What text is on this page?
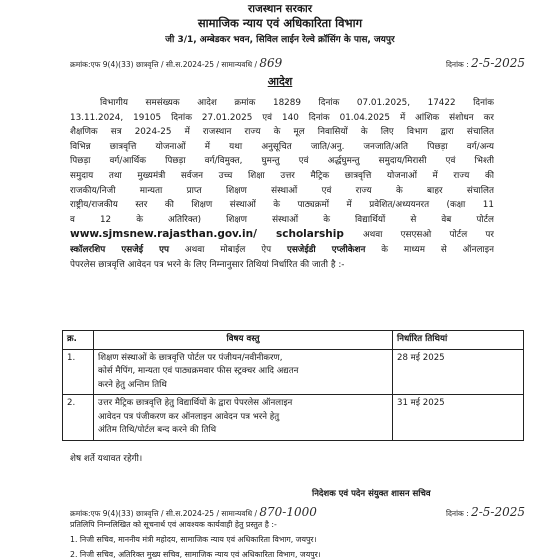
राजस्थान सरकार
सामाजिक न्याय एवं अधिकारिता विभाग
जी 3/1, अम्बेडकर भवन, सिविल लाईन रेल्वे क्रॉसिंग के पास, जयपुर
क्रमांक:एफ 9(4)(33) छात्रवृत्ति / सी.स.2024-25 / सामान्यवधि / 869	दिनांक : 2-5-2025
आदेश
विभागीय समसंख्यक आदेश क्रमांक 18289 दिनांक 07.01.2025, 17422 दिनांक
13.11.2024, 19105 दिनांक 27.01.2025 एवं 140 दिनांक 01.04.2025 में आंशिक संशोधन कर
शैक्षणिक सत्र 2024-25 में राजस्थान राज्य के मूल निवासियों के लिए विभाग द्वारा संचालित
विभिन्न छात्रवृत्ति योजनाओं में यथा अनुसूचित जाति/अनु. जनजाति/अति पिछड़ा वर्ग/अन्य
पिछड़ा वर्ग/आर्थिक पिछड़ा वर्ग/विमुक्त, घुमन्तु एवं अर्द्धघुमन्तु समुदाय/मिरासी एवं भिश्ती
समुदाय तथा मुख्यमंत्री सर्वजन उच्च शिक्षा उत्तर मैट्रिक छात्रवृत्ति योजनाओं में राज्य की
राजकीय/निजी मान्यता प्राप्त शिक्षण संस्थाओं एवं राज्य के बाहर संचालित
राष्ट्रीय/राजकीय स्तर की शिक्षण संस्थाओं के पाठ्यक्रमों में प्रवेशित/अध्ययनरत (कक्षा 11
व 12 के अतिरिक्त) शिक्षण संस्थाओं के विद्यार्थियों से वेब पोर्टल
www.sjmsnew.rajasthan.gov.in/ scholarship अथवा एसएसओ पोर्टल पर
स्कॉलरशिप एसजेई एप अथवा मोबाईल ऐप एसजेईडी एप्लीकेशन के माध्यम से ऑनलाइन
पेपरलेस छात्रवृत्ति आवेदन पत्र भरने के लिए निम्नानुसार तिथियां निर्धारित की जाती है :-
क्र.	विषय वस्तु	निर्धारित तिथियां
1.	शिक्षण संस्थाओं के छात्रवृत्ति पोर्टल पर पंजीयन/नवीनीकरण,
कोर्स मैपिंग, मान्यता एवं पाठ्यक्रमवार फीस स्ट्रक्चर आदि अद्यतन
करने हेतु अन्तिम तिथि	28 मई 2025
2.	उत्तर मैट्रिक छात्रवृत्ति हेतु विद्यार्थियों के द्वारा पेपरलेस ऑनलाइन
आवेदन पत्र पंजीकरण कर ऑनलाइन आवेदन पत्र भरने हेतु
अंतिम तिथि/पोर्टल बन्द करने की तिथि	31 मई 2025
शेष शर्ते यथावत रहेगी।
निदेशक एवं पदेन संयुक्त शासन सचिव
क्रमांक:एफ 9(4)(33) छात्रवृत्ति / सी.स.2024-25 / सामान्यवधि / 870-1000	दिनांक : 2-5-2025
प्रतिलिपि निम्नलिखित को सूचनार्थ एवं आवश्यक कार्यवाही हेतु प्रस्तुत है :-
1. निजी सचिव, माननीय मंत्री महोदय, सामाजिक न्याय एवं अधिकारिता विभाग, जयपुर।
2. निजी सचिव, अतिरिक्त मुख्य सचिव, सामाजिक न्याय एवं अधिकारिता विभाग, जयपुर।
